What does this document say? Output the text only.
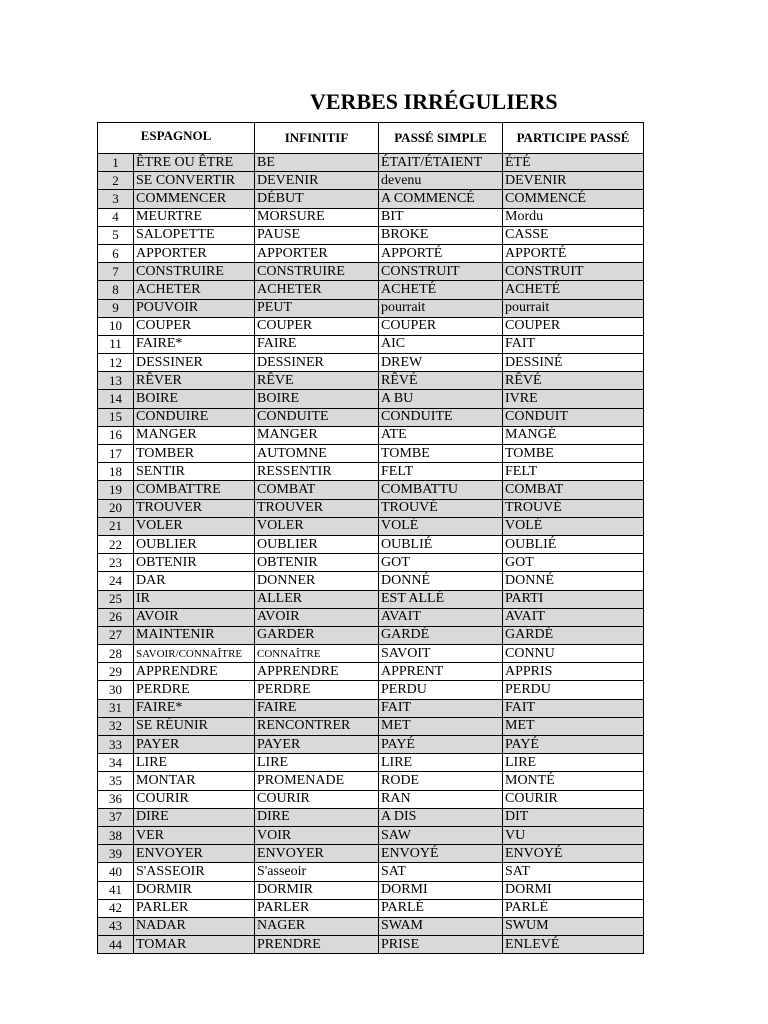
VERBES IRRÉGULIERS
ESPAGNOL		INFINITIF	PASSÉ SIMPLE	PARTICIPE PASSÉ
1	ÊTRE OU ÊTRE	BE	ÉTAIT/ÉTAIENT	ÉTÉ
2	SE CONVERTIR	DEVENIR	devenu	DEVENIR
3	COMMENCER	DÉBUT	A COMMENCÉ	COMMENCÉ
4	MEURTRE	MORSURE	BIT	Mordu
5	SALOPETTE	PAUSE	BROKE	CASSE
6	APPORTER	APPORTER	APPORTÉ	APPORTÉ
7	CONSTRUIRE	CONSTRUIRE	CONSTRUIT	CONSTRUIT
8	ACHETER	ACHETER	ACHETÉ	ACHETÉ
9	POUVOIR	PEUT	pourrait	pourrait
10	COUPER	COUPER	COUPER	COUPER
11	FAIRE*	FAIRE	AIC	FAIT
12	DESSINER	DESSINER	DREW	DESSINÉ
13	RÊVER	RÊVE	RÊVÉ	RÊVÉ
14	BOIRE	BOIRE	A BU	IVRE
15	CONDUIRE	CONDUITE	CONDUITE	CONDUIT
16	MANGER	MANGER	ATE	MANGÉ
17	TOMBER	AUTOMNE	TOMBE	TOMBE
18	SENTIR	RESSENTIR	FELT	FELT
19	COMBATTRE	COMBAT	COMBATTU	COMBAT
20	TROUVER	TROUVER	TROUVÉ	TROUVÉ
21	VOLER	VOLER	VOLÉ	VOLÉ
22	OUBLIER	OUBLIER	OUBLIÉ	OUBLIÉ
23	OBTENIR	OBTENIR	GOT	GOT
24	DAR	DONNER	DONNÉ	DONNÉ
25	IR	ALLER	EST ALLÉ	PARTI
26	AVOIR	AVOIR	AVAIT	AVAIT
27	MAINTENIR	GARDER	GARDÉ	GARDÉ
28	SAVOIR/CONNAÎTRE	CONNAÎTRE	SAVOIT	CONNU
29	APPRENDRE	APPRENDRE	APPRENT	APPRIS
30	PERDRE	PERDRE	PERDU	PERDU
31	FAIRE*	FAIRE	FAIT	FAIT
32	SE RÉUNIR	RENCONTRER	MET	MET
33	PAYER	PAYER	PAYÉ	PAYÉ
34	LIRE	LIRE	LIRE	LIRE
35	MONTAR	PROMENADE	RODE	MONTÉ
36	COURIR	COURIR	RAN	COURIR
37	DIRE	DIRE	A DIS	DIT
38	VER	VOIR	SAW	VU
39	ENVOYER	ENVOYER	ENVOYÉ	ENVOYÉ
40	S'ASSEOIR	S'asseoir	SAT	SAT
41	DORMIR	DORMIR	DORMI	DORMI
42	PARLER	PARLER	PARLÉ	PARLÉ
43	NADAR	NAGER	SWAM	SWUM
44	TOMAR	PRENDRE	PRISE	ENLEVÉ
